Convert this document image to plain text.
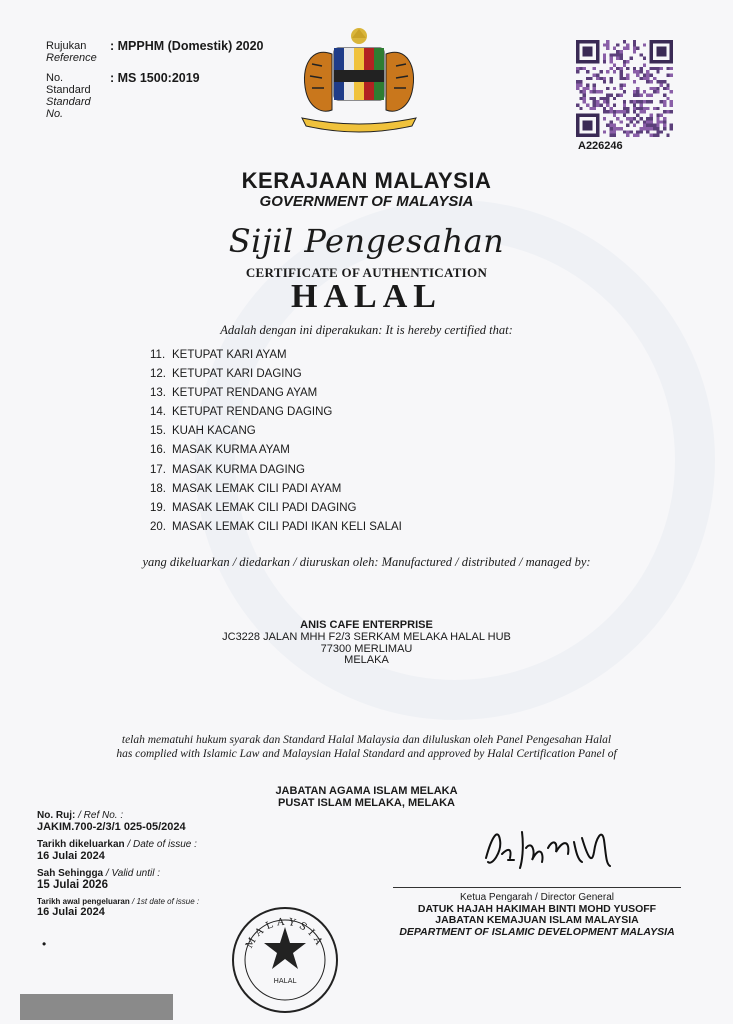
Rujukan
Reference
: MPPHM (Domestik) 2020
No. Standard
Standard No.
: MS 1500:2019
A226246
KERAJAAN MALAYSIA
GOVERNMENT OF MALAYSIA
Sijil Pengesahan
CERTIFICATE OF AUTHENTICATION
HALAL
Adalah dengan ini diperakukan: It is hereby certified that:
11. KETUPAT KARI AYAM
12. KETUPAT KARI DAGING
13. KETUPAT RENDANG AYAM
14. KETUPAT RENDANG DAGING
15. KUAH KACANG
16. MASAK KURMA AYAM
17. MASAK KURMA DAGING
18. MASAK LEMAK CILI PADI AYAM
19. MASAK LEMAK CILI PADI DAGING
20. MASAK LEMAK CILI PADI IKAN KELI SALAI
yang dikeluarkan / diedarkan / diuruskan oleh: Manufactured / distributed / managed by:
ANIS CAFE ENTERPRISE
JC3228 JALAN MHH F2/3 SERKAM MELAKA HALAL HUB
77300 MERLIMAU
MELAKA
telah mematuhi hukum syarak dan Standard Halal Malaysia dan diluluskan oleh Panel Pengesahan Halal
has complied with Islamic Law and Malaysian Halal Standard and approved by Halal Certification Panel of
JABATAN AGAMA ISLAM MELAKA
PUSAT ISLAM MELAKA, MELAKA
No. Ruj: / Ref No. :
JAKIM.700-2/3/1 025-05/2024
Tarikh dikeluarkan / Date of issue :
16 Julai 2024
Sah Sehingga / Valid until :
15 Julai 2026
Tarikh awal pengeluaran / 1st date of issue :
16 Julai 2024
Ketua Pengarah / Director General
DATUK HAJAH HAKIMAH BINTI MOHD YUSOFF
JABATAN KEMAJUAN ISLAM MALAYSIA
DEPARTMENT OF ISLAMIC DEVELOPMENT MALAYSIA
MALAYSIA
HALAL
•
